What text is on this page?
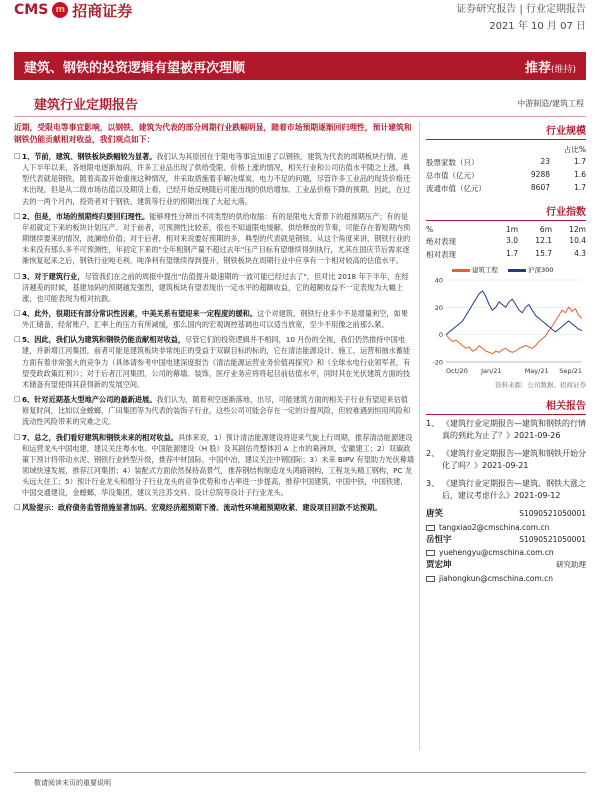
CMS m 招商证券	证券研究报告 | 行业定期报告
2021 年 10 月 07 日
建筑、钢铁的投资逻辑有望被再次理顺	推荐(维持)
建筑行业定期报告	中游制造/建筑工程
近期，受限电等事宜影响，以钢铁、建筑为代表的部分周期行业跌幅明显，随着市场预期逐渐回归理性，预计建筑和钢铁仍能贡献相对收益，我们观点如下：
□ 1、节前，建筑、钢铁板块跌幅较为显著。我们认为其原因在于限电等事宜加速了以钢铁、建筑为代表的周期板块行情。进入下半年以来，各地限电逐渐加码，许多工业品出现了供给受限、价格上涨的情况，相关行业和公司估值水平随之上涨。典型代表就是钢铁，随着高盈开始重视这种情况，并采取措施着手解决煤炭、电力不足的问题，尽管许多工业品的现货价格还未出现，但是从二级市场估值以及期货上看，已经开始反映随后可能出现的供给增加、工业品价格下降的预期。因此，在过去的一两个月内，投资者对于钢铁、建筑等行业的预期出现了大起大落。
□ 2、但是，市场的预期终归要回归理性。能够理性分辨出不同类型的供给收缩：有的是限电大背景下的超预期压产；有的是年初就定下来的板块计划压产。对于前者，可预测性比较差，很也不知道限电缓解，供给释放的节奏，可能存在着短期内预期继续要来的情况，波澜给价值；对于后者，相对来说要好预期的多，典型的代表就是钢铁。从这个角度来讲，钢铁行业的未来没有那么多不可预测性，年初定下来的"全年粗钢产量不超过去年"压产目标有望继续得到执行，尤其在国庆节后需求逐渐恢复起来之后，钢铁行业吨毛利，吨净利有望继续得到提升，钢铁板块在周期行业中应享有一个相对较高的估值水平。
□ 3、对于建筑行业，尽管我们在之前的周报中提出"估值提升最速期的一波可能已经过去了"，但对比 2018 年下半年，在经济越差的时候，基建加码的预期越发强烈，建筑板块有望表现出一定水平的超额收益，它的超额收益不一定表现为大幅上涨，也可能表现为相对抗跌。
□ 4、此外，很期还有部分常识性因素，中美关系有望迎来一定程度的缓和。这个对建筑、钢铁行业多少不是增量利空，如果外汇储备，经常账户，汇率上的压力有所减缓，那么国内的宏观调控基调也可以适当放宽，至少不用像之前那么紧。
□ 5、因此，我们认为建筑和钢铁仍能贡献相对收益，尽管它们的投资逻辑并不相同，10 月份的全视，我们仍然推持中国电建，并新增江河集团，前者可能是建筑板块非常纯正的受益于双碳目标的标的，它在清洁能源设计、施工、运营和抽水蓄能方面有着非常强大的竞争力（具体请参考中国电建深度报告《清洁能源运营业务价值再探究》和《全球水电行业领军者，有望受政政策红利》）；对于后者江河集团，公司的幕墙、装饰，医疗业务应将将起目前估值水平，同时其在光伏建筑方面的技术储备有望使得其获得新的发展空间。
□ 6、针对近期基大型地产公司的最新进展。我们认为，随着利空逐渐落地、出尽，可能建筑方面的相关子行业有望迎来估值修复时间，比如以金螳螂，广田集团等为代表的装饰子行业，这些公司可能会存在一定的计提风险，但较难遇到恒用风险和流动性风险带来的灾难之灾。
□ 7、总之，我们看好建筑和钢铁未来的相对收益。具体来说，1）预计清洁能源建设将迎来气旋上行周期，推荐清洁能源建设和运营龙头中国电建，建议关注粤水电、中国能源建设（H 股）及其剧估壳整体回 A 上市的葛洲坝，安徽建工；2）双碳政策下预计将带动水泥、钢铁行业转型升级，推荐中材国际，中国中冶，建议关注中钢国际；3）未来 BIPV 有望助力光伏幕墙领域快速发展，推荐江河集团；4）装配式方面依然保持高景气，推荐钢结构制造龙头鸿路钢构，工程龙头精工钢构，PC 龙头远大住工；5）预计行业龙头和细分子行业龙头的竞争优势和市占率进一步提高，推荐中国建筑，中国中铁，中国铁建，中国交通建设，金螳螂，华设集团，建议关注苏交科、设计总院等设计子行业龙头。
□ 风险提示：政府债务监管措施显著加码、宏观经济超预期下滑、流动性环境超预期收紧、建设项目回款不达预期。
行业规模
占比%
股票家数（只）	23	1.7
总市值（亿元）	9288	1.6
流通市值（亿元）	8607	1.7
行业指数
%	1m	6m	12m
绝对表现	3.0	12.1	10.4
相对表现	1.7	15.7	4.3
建筑工程	沪深300
40
20
0
-20
Oct/20 Jan/21	May/21 Sep/21
资料来源：公司数据、招商证券
相关报告
1、 《建筑行业定期报告—建筑和钢铁的行情真的到此为止了？》2021-09-26
2、 《建筑行业定期报告—建筑和钢铁开始分化了吗？》2021-09-21
3、 《建筑行业定期报告—建筑、钢铁大涨之后，建议考虑什么》2021-09-12
唐笑	S1090521050001
tangxiao2@cmschina.com.cn
岳恒宇	S1090521050001
yuehengyu@cmschina.com.cn
贾宏坤	研究助理
jiahongkun@cmschina.com.cn
敬请阅读末页的重要说明
